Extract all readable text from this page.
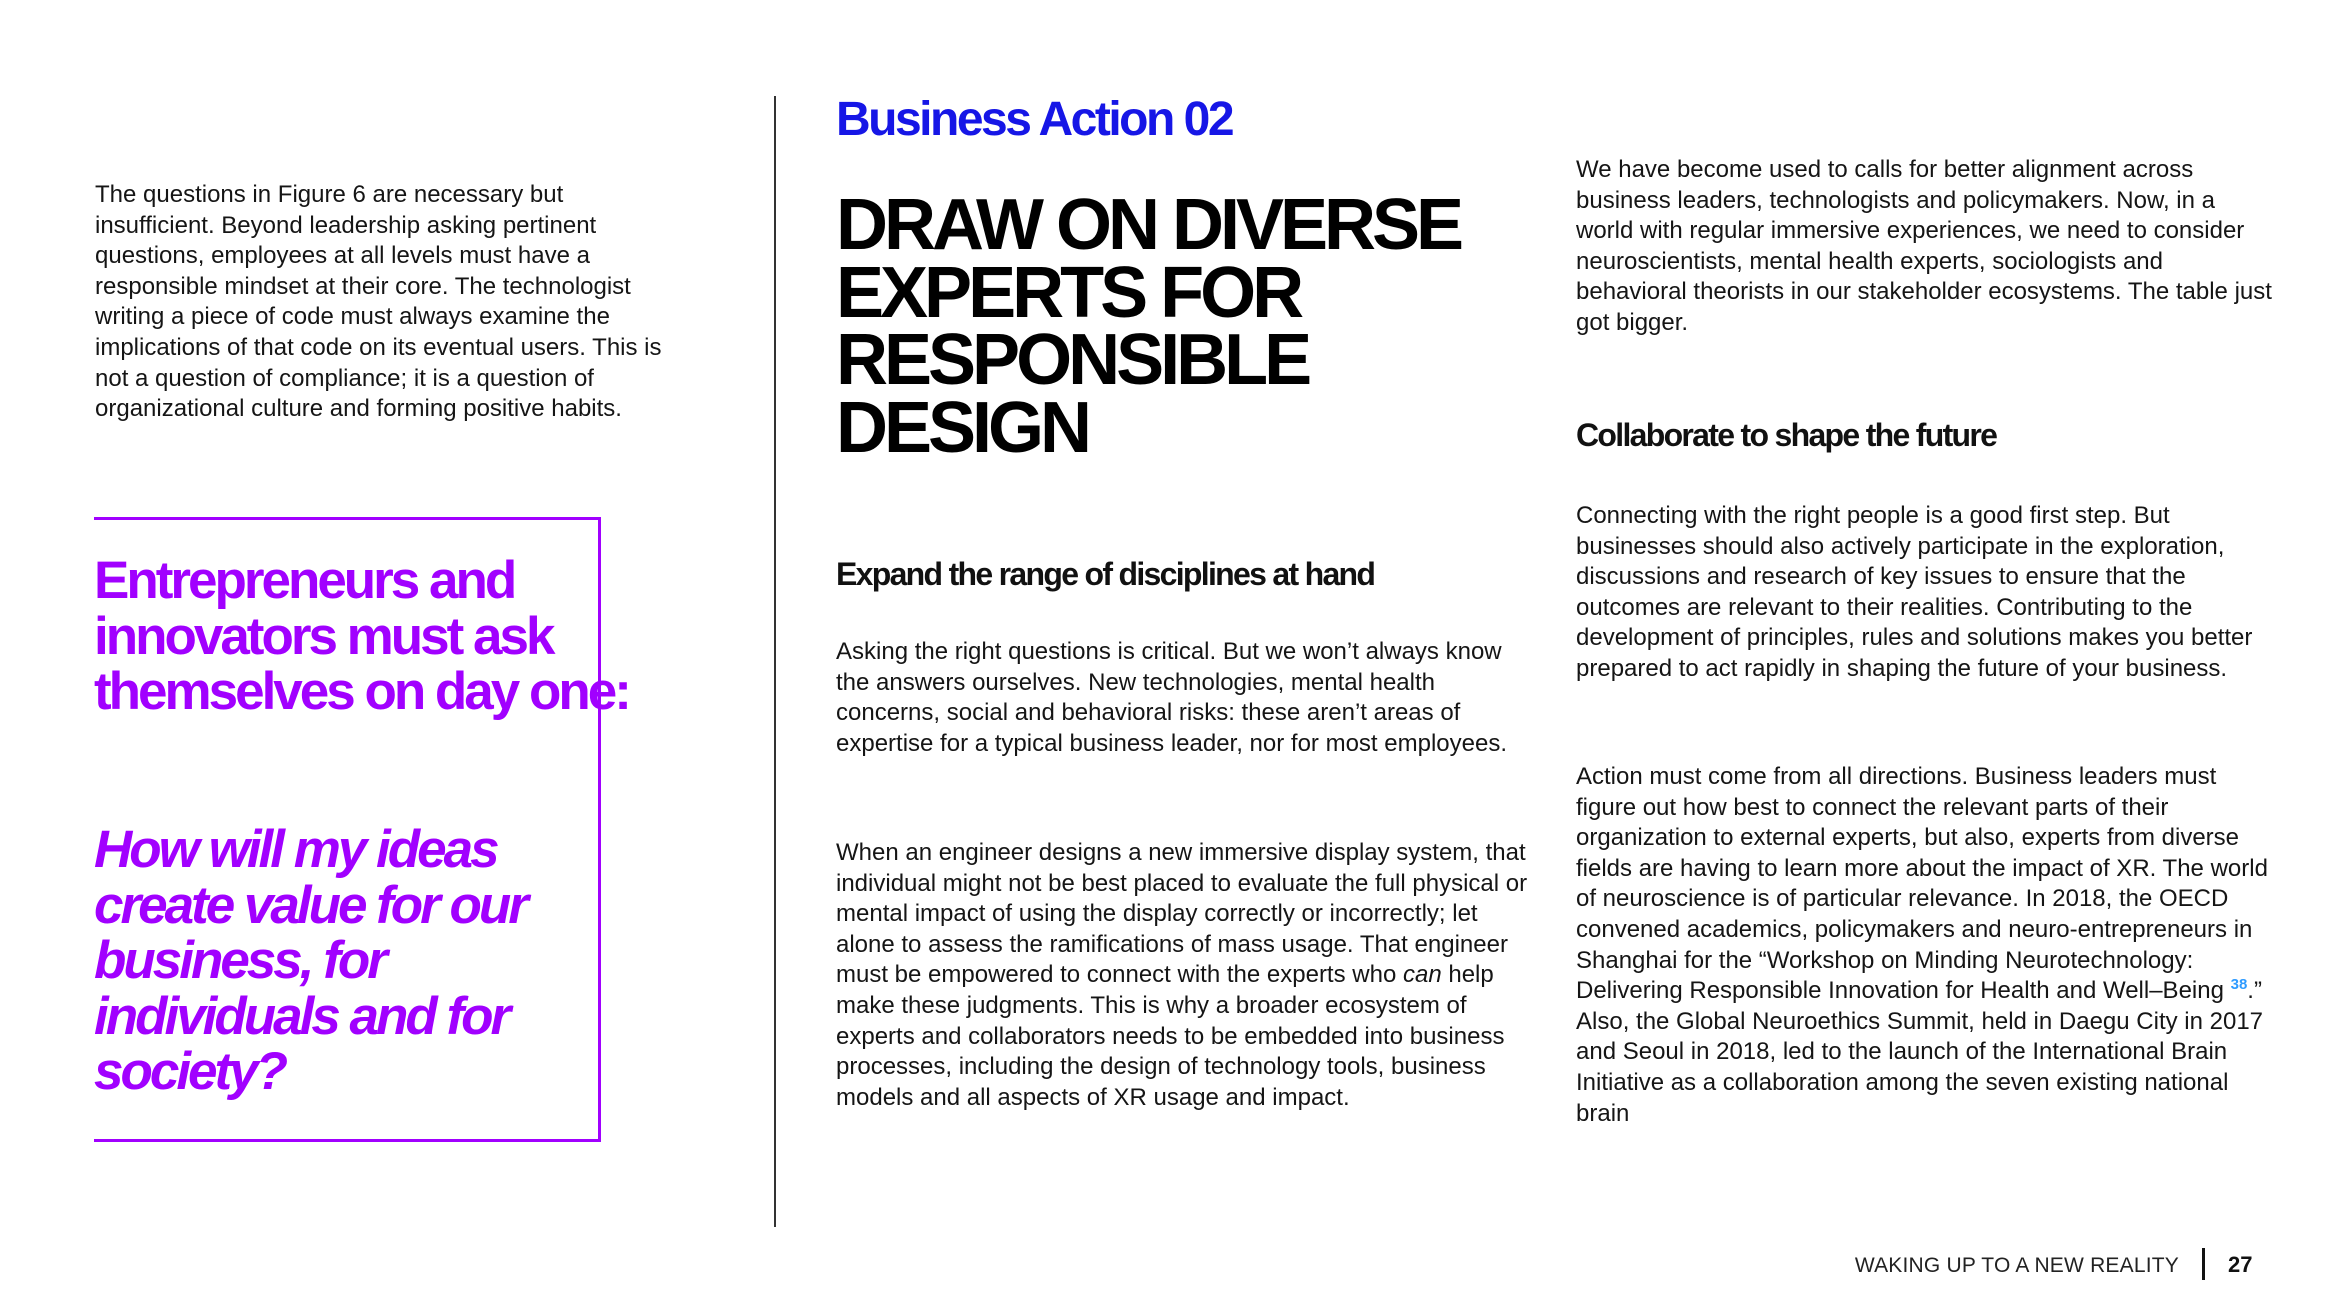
The questions in Figure 6 are necessary but insufficient. Beyond leadership asking pertinent questions, employees at all levels must have a responsible mindset at their core. The technologist writing a piece of code must always examine the implications of that code on its eventual users. This is not a question of compliance; it is a question of organizational culture and forming positive habits.

Entrepreneurs and innovators must ask themselves on day one:

How will my ideas create value for our business, for individuals and for society?

Business Action 02
DRAW ON DIVERSE EXPERTS FOR RESPONSIBLE DESIGN
Expand the range of disciplines at hand

Asking the right questions is critical. But we won’t always know the answers ourselves. New technologies, mental health concerns, social and behavioral risks: these aren’t areas of expertise for a typical business leader, nor for most employees.

When an engineer designs a new immersive display system, that individual might not be best placed to evaluate the full physical or mental impact of using the display correctly or incorrectly; let alone to assess the ramifications of mass usage. That engineer must be empowered to connect with the experts who can help make these judgments. This is why a broader ecosystem of experts and collaborators needs to be embedded into business processes, including the design of technology tools, business models and all aspects of XR usage and impact.

We have become used to calls for better alignment across business leaders, technologists and policymakers. Now, in a world with regular immersive experiences, we need to consider neuroscientists, mental health experts, sociologists and behavioral theorists in our stakeholder ecosystems. The table just got bigger.

Collaborate to shape the future

Connecting with the right people is a good first step. But businesses should also actively participate in the exploration, discussions and research of key issues to ensure that the outcomes are relevant to their realities. Contributing to the development of principles, rules and solutions makes you better prepared to act rapidly in shaping the future of your business.

Action must come from all directions. Business leaders must figure out how best to connect the relevant parts of their organization to external experts, but also, experts from diverse fields are having to learn more about the impact of XR. The world of neuroscience is of particular relevance. In 2018, the OECD convened academics, policymakers and neuro-entrepreneurs in Shanghai for the “Workshop on Minding Neurotechnology: Delivering Responsible Innovation for Health and Well–Being $^{38}$.” Also, the Global Neuroethics Summit, held in Daegu City in 2017 and Seoul in 2018, led to the launch of the International Brain Initiative as a collaboration among the seven existing national brain

WAKING UP TO A NEW REALITY 27
